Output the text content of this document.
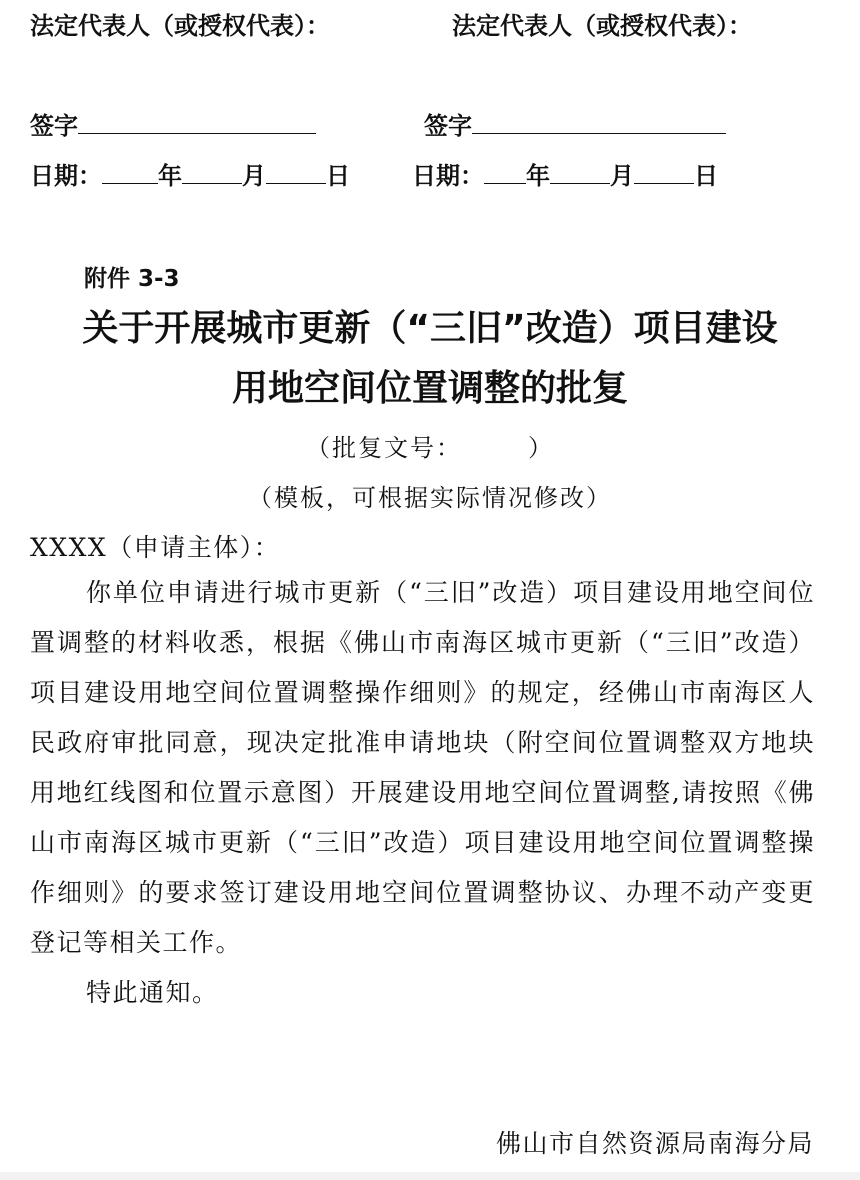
法定代表人（或授权代表）：	法定代表人（或授权代表）：
签字	签字
日期： 年	月	日	日期： 年	月	日
附件 3-3
关于开展城市更新（“三旧”改造）项目建设
用地空间位置调整的批复
（批复文号：　　　）
（模板，可根据实际情况修改）
XXXX（申请主体）：

你单位申请进行城市更新（“三旧”改造）项目建设用地空间位置调整的材料收悉，根据《佛山市南海区城市更新（“三旧”改造）项目建设用地空间位置调整操作细则》的规定，经佛山市南海区人民政府审批同意，现决定批准申请地块（附空间位置调整双方地块用地红线图和位置示意图）开展建设用地空间位置调整,请按照《佛山市南海区城市更新（“三旧”改造）项目建设用地空间位置调整操作细则》的要求签订建设用地空间位置调整协议、办理不动产变更登记等相关工作。

特此通知。

佛山市自然资源局南海分局
